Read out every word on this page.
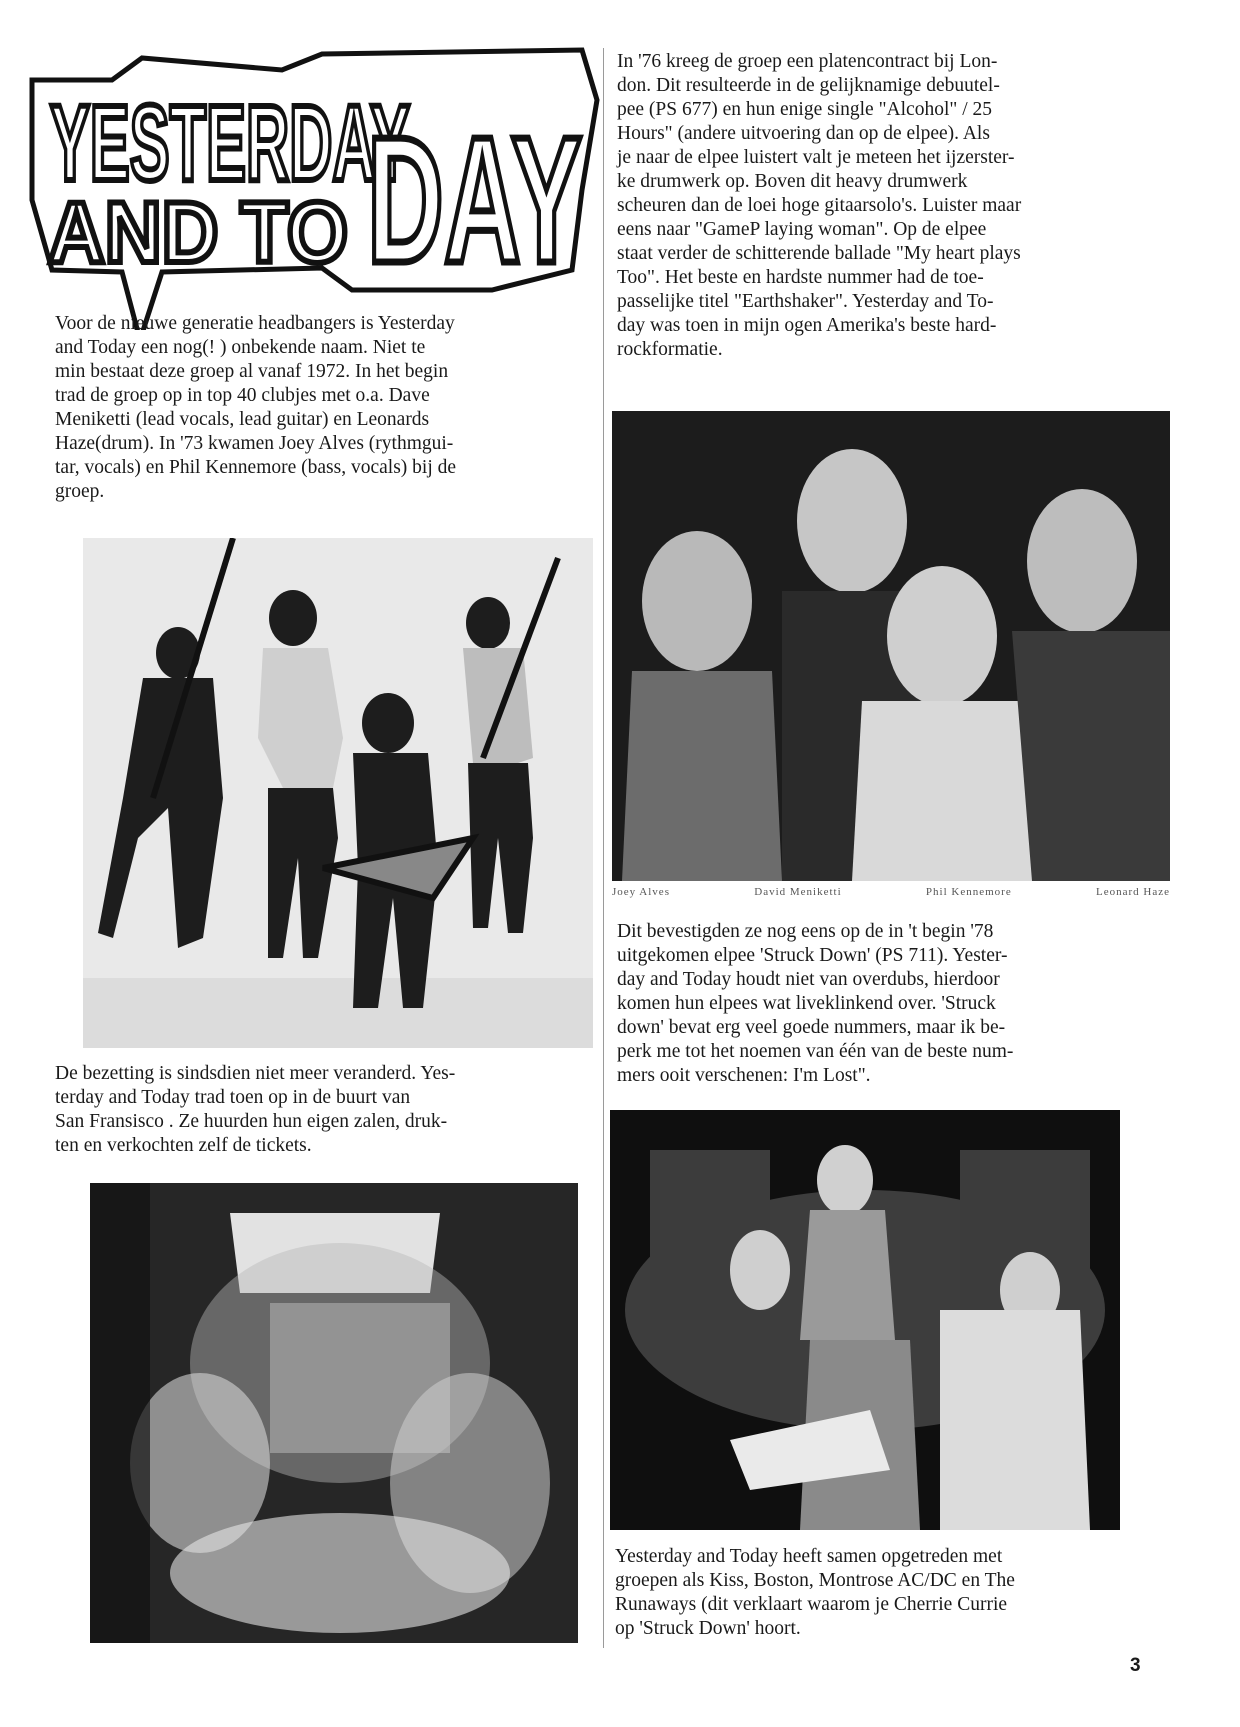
YESTERDAY
AND TO DAY

Voor de nieuwe generatie headbangers is Yesterday
and Today een nog(! ) onbekende naam. Niet te
min bestaat deze groep al vanaf 1972. In het begin
trad de groep op in top 40 clubjes met o.a. Dave
Meniketti (lead vocals, lead guitar) en Leonards
Haze(drum). In '73 kwamen Joey Alves (rythmgui-
tar, vocals) en Phil Kennemore (bass, vocals) bij de
groep.

De bezetting is sindsdien niet meer veranderd. Yes-
terday and Today trad toen op in de buurt van
San Fransisco . Ze huurden hun eigen zalen, druk-
ten en verkochten zelf de tickets.

In '76 kreeg de groep een platencontract bij Lon-
don. Dit resulteerde in de gelijknamige debuutel-
pee (PS 677) en hun enige single "Alcohol" / 25
Hours" (andere uitvoering dan op de elpee). Als
je naar de elpee luistert valt je meteen het ijzerster-
ke drumwerk op. Boven dit heavy drumwerk
scheuren dan de loei hoge gitaarsolo's. Luister maar
eens naar "GameP laying woman". Op de elpee
staat verder de schitterende ballade "My heart plays
Too". Het beste en hardste nummer had de toe-
passelijke titel "Earthshaker". Yesterday and To-
day was toen in mijn ogen Amerika's beste hard-
rockformatie.

Joey Alves	David Meniketti	Phil Kennemore	Leonard Haze

Dit bevestigden ze nog eens op de in 't begin '78
uitgekomen elpee 'Struck Down' (PS 711). Yester-
day and Today houdt niet van overdubs, hierdoor
komen hun elpees wat liveklinkend over. 'Struck
down' bevat erg veel goede nummers, maar ik be-
perk me tot het noemen van één van de beste num-
mers ooit verschenen: I'm Lost".

Yesterday and Today heeft samen opgetreden met
groepen als Kiss, Boston, Montrose AC/DC en The
Runaways (dit verklaart waarom je Cherrie Currie
op 'Struck Down' hoort.

3
